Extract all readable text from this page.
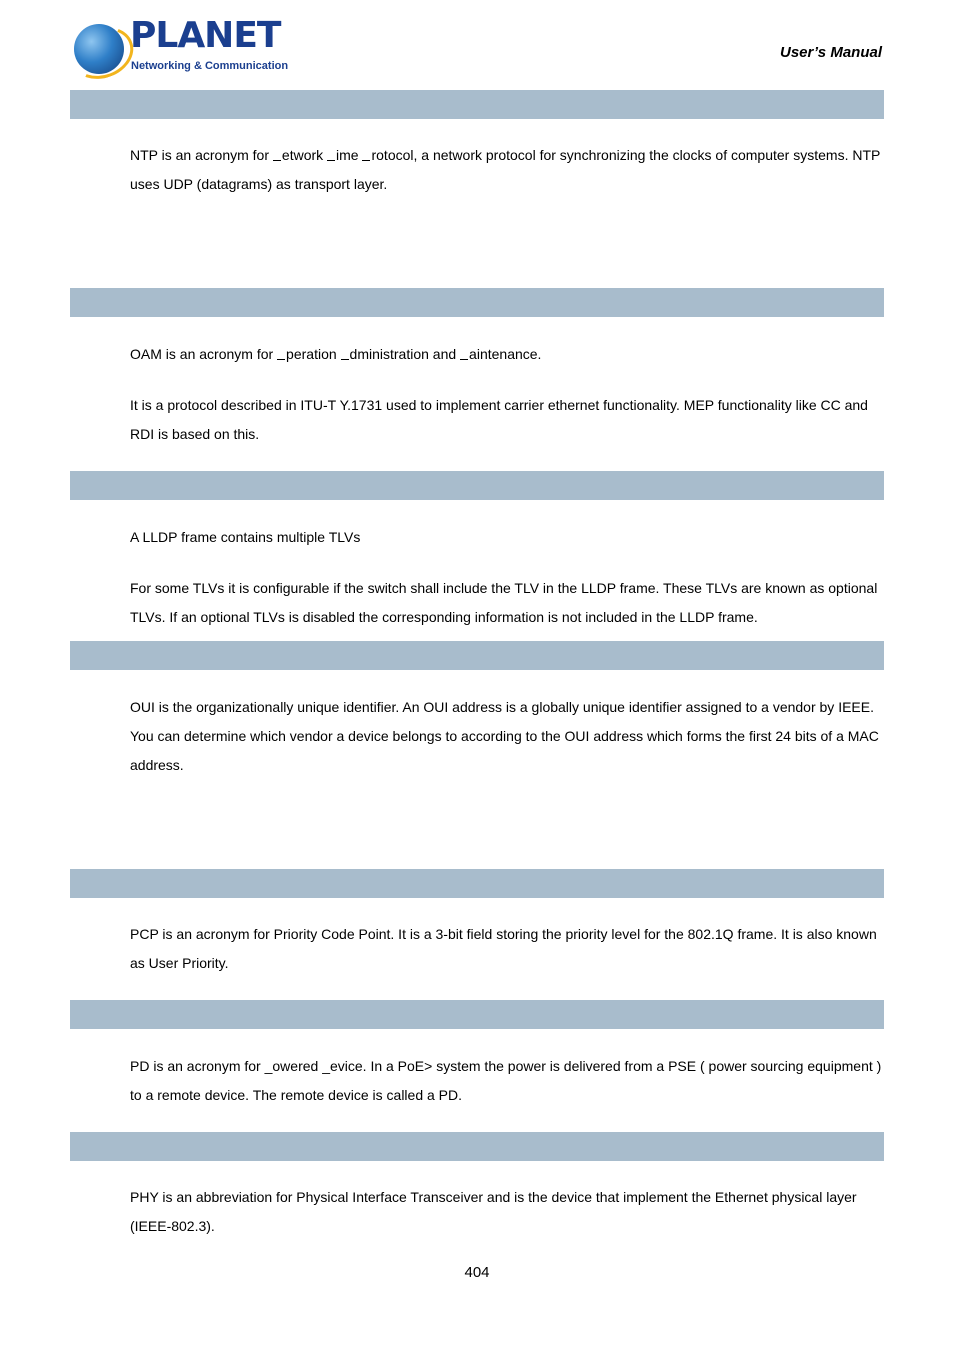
PLANET
Networking & Communication
User’s Manual

NTP is an acronym for etwork ime rotocol, a network protocol for synchronizing the clocks of computer systems. NTP uses UDP (datagrams) as transport layer.

OAM is an acronym for peration dministration and aintenance.

It is a protocol described in ITU-T Y.1731 used to implement carrier ethernet functionality. MEP functionality like CC and RDI is based on this.

A LLDP frame contains multiple TLVs

For some TLVs it is configurable if the switch shall include the TLV in the LLDP frame. These TLVs are known as optional TLVs. If an optional TLVs is disabled the corresponding information is not included in the LLDP frame.

OUI is the organizationally unique identifier. An OUI address is a globally unique identifier assigned to a vendor by IEEE. You can determine which vendor a device belongs to according to the OUI address which forms the first 24 bits of a MAC address.

PCP is an acronym for Priority Code Point. It is a 3-bit field storing the priority level for the 802.1Q frame. It is also known as User Priority.

PD is an acronym for _owered _evice. In a PoE> system the power is delivered from a PSE ( power sourcing equipment ) to a remote device. The remote device is called a PD.

PHY is an abbreviation for Physical Interface Transceiver and is the device that implement the Ethernet physical layer (IEEE-802.3).

404
